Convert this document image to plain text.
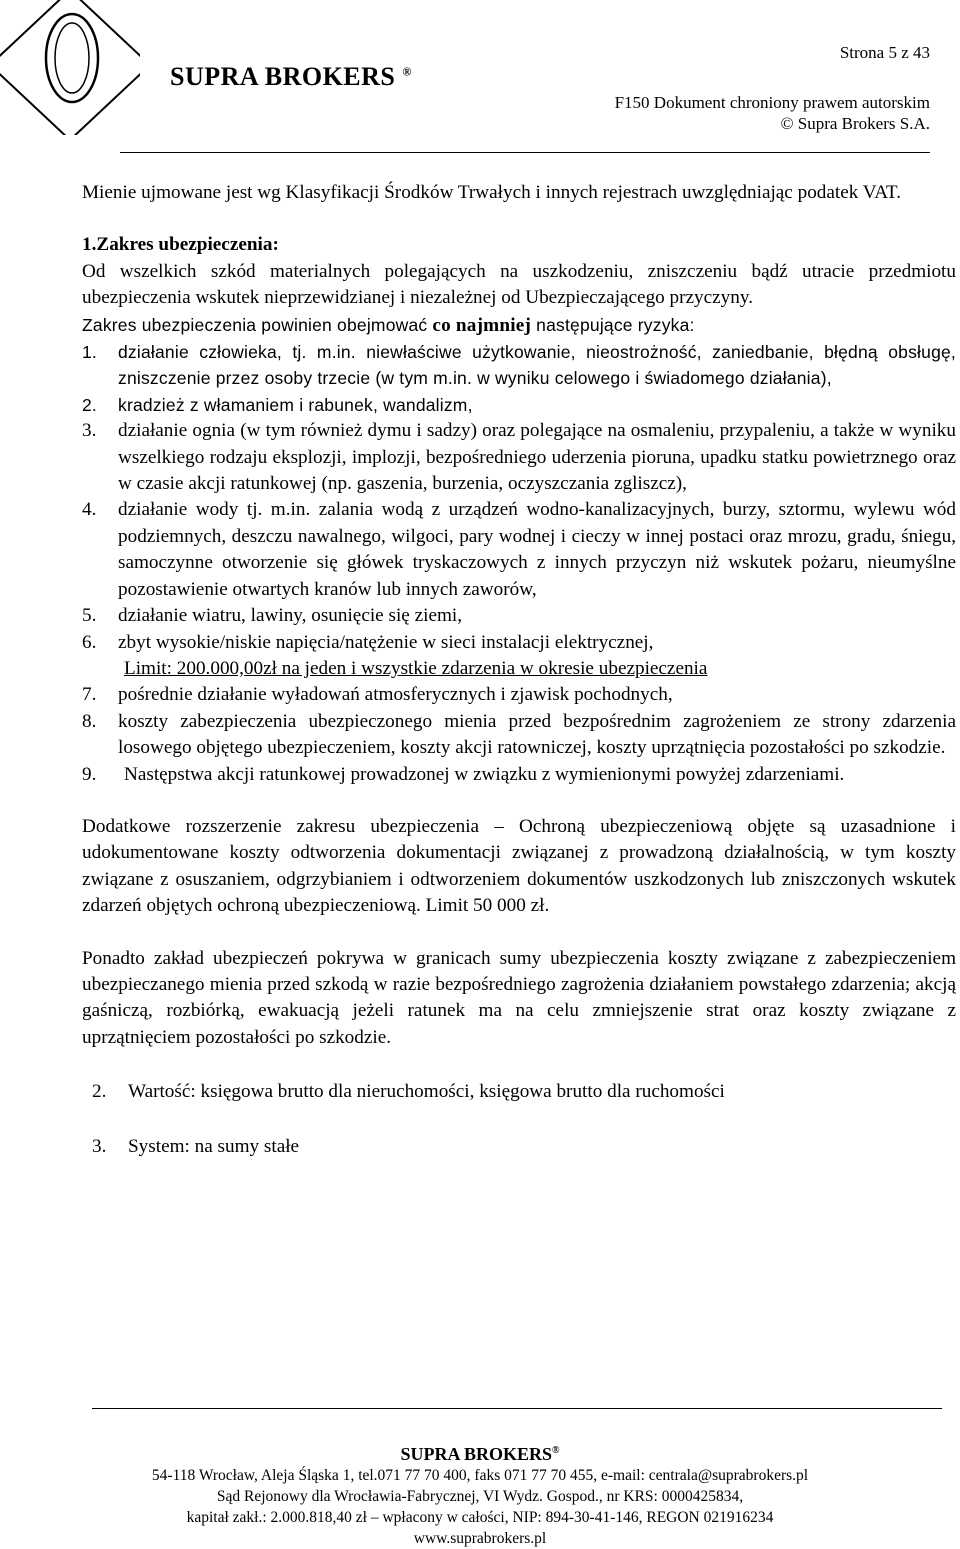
SUPRA BROKERS ®
Strona 5 z 43
F150 Dokument chroniony prawem autorskim
© Supra Brokers S.A.

Mienie ujmowane jest wg Klasyfikacji Środków Trwałych i innych rejestrach uwzględniając podatek VAT.

1.Zakres ubezpieczenia:

Od wszelkich szkód materialnych polegających na uszkodzeniu, zniszczeniu bądź utracie przedmiotu ubezpieczenia wskutek nieprzewidzianej i niezależnej od Ubezpieczającego przyczyny.

Zakres ubezpieczenia powinien obejmować co najmniej następujące ryzyka:

1. działanie człowieka, tj. m.in. niewłaściwe użytkowanie, nieostrożność, zaniedbanie, błędną obsługę, zniszczenie przez osoby trzecie (w tym m.in. w wyniku celowego i świadomego działania),
2. kradzież z włamaniem i rabunek, wandalizm,
3. działanie ognia (w tym również dymu i sadzy) oraz polegające na osmaleniu, przypaleniu, a także w wyniku wszelkiego rodzaju eksplozji, implozji, bezpośredniego uderzenia pioruna, upadku statku powietrznego oraz w czasie akcji ratunkowej (np. gaszenia, burzenia, oczyszczania zgliszcz),
4. działanie wody tj. m.in. zalania wodą z urządzeń wodno-kanalizacyjnych, burzy, sztormu, wylewu wód podziemnych, deszczu nawalnego, wilgoci, pary wodnej i cieczy w innej postaci oraz mrozu, gradu, śniegu, samoczynne otworzenie się główek tryskaczowych z innych przyczyn niż wskutek pożaru, nieumyślne pozostawienie otwartych kranów lub innych zaworów,
5. działanie wiatru, lawiny, osunięcie się ziemi,
6. zbyt wysokie/niskie napięcia/natężenie w sieci instalacji elektrycznej,
Limit: 200.000,00zł na jeden i wszystkie zdarzenia w okresie ubezpieczenia
7. pośrednie działanie wyładowań atmosferycznych i zjawisk pochodnych,
8. koszty zabezpieczenia ubezpieczonego mienia przed bezpośrednim zagrożeniem ze strony zdarzenia losowego objętego ubezpieczeniem, koszty akcji ratowniczej, koszty uprzątnięcia pozostałości po szkodzie.
9. Następstwa akcji ratunkowej prowadzonej w związku z wymienionymi powyżej zdarzeniami.

Dodatkowe rozszerzenie zakresu ubezpieczenia – Ochroną ubezpieczeniową objęte są uzasadnione i udokumentowane koszty odtworzenia dokumentacji związanej z prowadzoną działalnością, w tym koszty związane z osuszaniem, odgrzybianiem i odtworzeniem dokumentów uszkodzonych lub zniszczonych wskutek zdarzeń objętych ochroną ubezpieczeniową. Limit 50 000 zł.

Ponadto zakład ubezpieczeń pokrywa w granicach sumy ubezpieczenia koszty związane z zabezpieczeniem ubezpieczanego mienia przed szkodą w razie bezpośredniego zagrożenia działaniem powstałego zdarzenia; akcją gaśniczą, rozbiórką, ewakuacją jeżeli ratunek ma na celu zmniejszenie strat oraz koszty związane z uprzątnięciem pozostałości po szkodzie.

2. Wartość: księgowa brutto dla nieruchomości, księgowa brutto dla ruchomości

3. System: na sumy stałe

SUPRA BROKERS®
54-118 Wrocław, Aleja Śląska 1, tel.071 77 70 400, faks 071 77 70 455, e-mail: centrala@suprabrokers.pl
Sąd Rejonowy dla Wrocławia-Fabrycznej, VI Wydz. Gospod., nr KRS: 0000425834,
kapitał zakł.: 2.000.818,40 zł – wpłacony w całości, NIP: 894-30-41-146, REGON 021916234
www.suprabrokers.pl
